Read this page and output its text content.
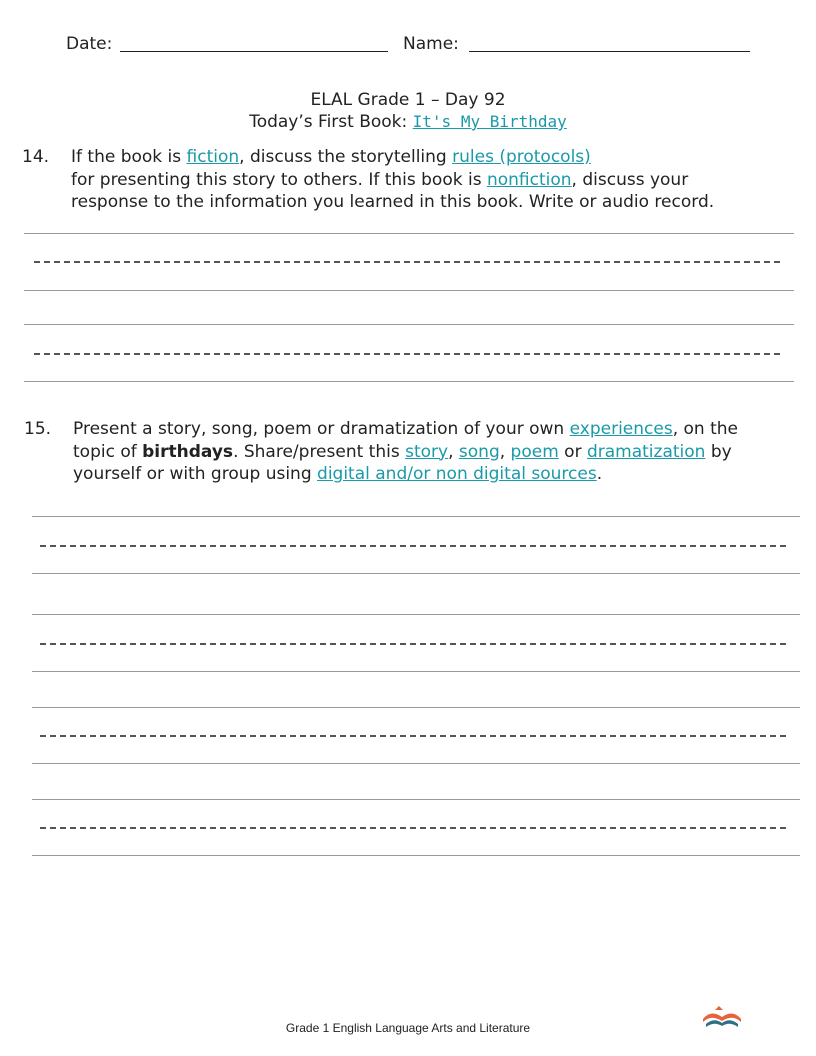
Date:	Name:
ELAL Grade 1 – Day 92
Today’s First Book: It's My Birthday
14. If the book is fiction, discuss the storytelling rules (protocols)
for presenting this story to others. If this book is nonfiction, discuss your
response to the information you learned in this book. Write or audio record.
15. Present a story, song, poem or dramatization of your own experiences, on the
topic of birthdays. Share/present this story, song, poem or dramatization by
yourself or with group using digital and/or non digital sources.
Grade 1 English Language Arts and Literature
